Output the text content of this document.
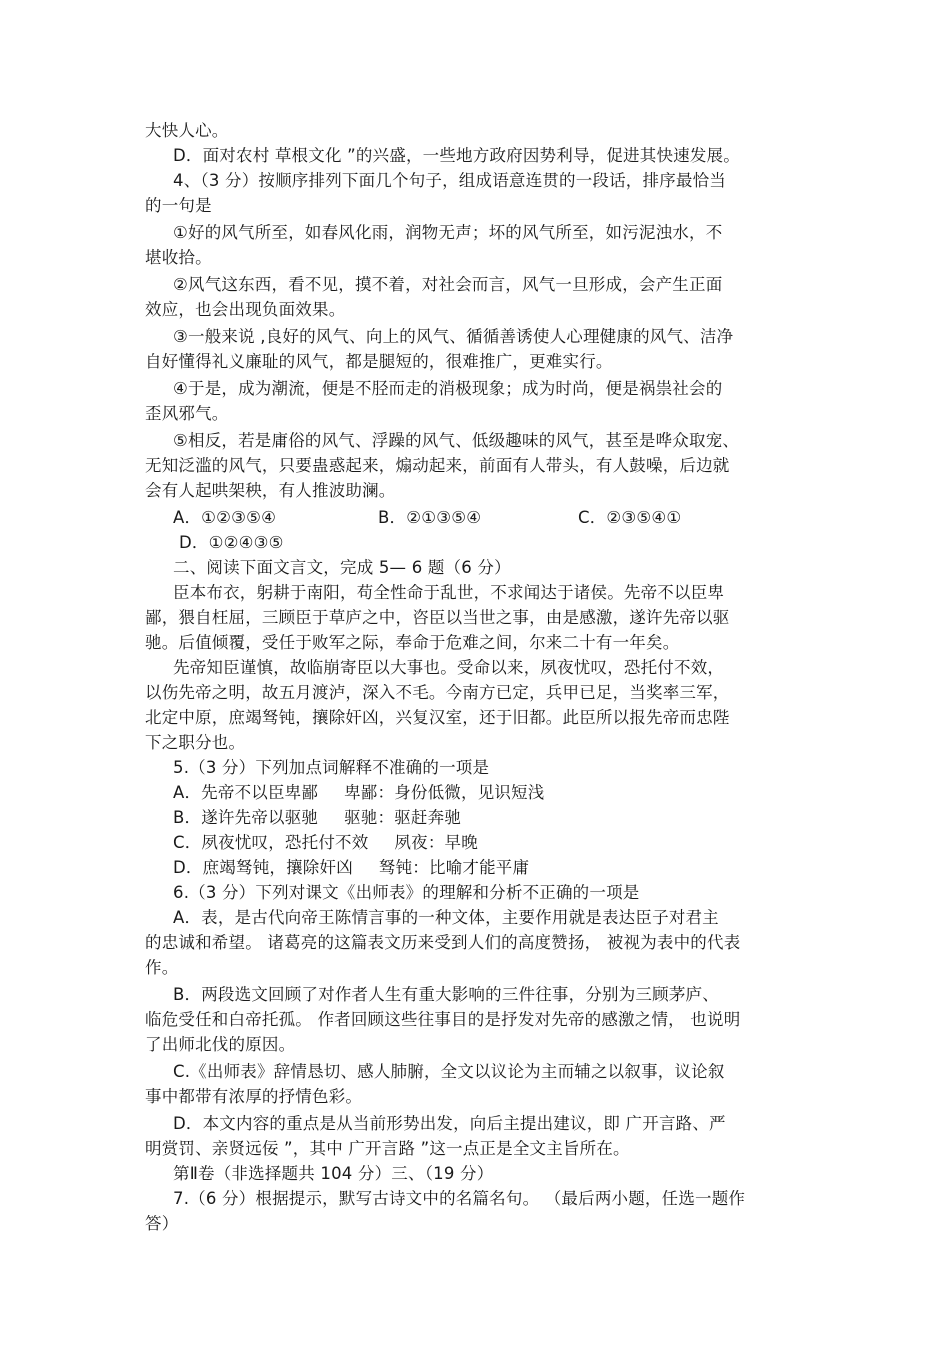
大快人心。
D．面对农村 草根文化 ”的兴盛，一些地方政府因势利导，促进其快速发展。
4、（3 分）按顺序排列下面几个句子，组成语意连贯的一段话，排序最恰当
的一句是
①好的风气所至，如春风化雨，润物无声；坏的风气所至，如污泥浊水，不
堪收拾。
②风气这东西，看不见，摸不着，对社会而言，风气一旦形成，会产生正面
效应，也会出现负面效果。
③一般来说 ,良好的风气、向上的风气、循循善诱使人心理健康的风气、洁净
自好懂得礼义廉耻的风气，都是腿短的，很难推广，更难实行。
④于是，成为潮流，便是不胫而走的消极现象；成为时尚，便是祸祟社会的
歪风邪气。
⑤相反，若是庸俗的风气、浮躁的风气、低级趣味的风气，甚至是哗众取宠、
无知泛滥的风气，只要蛊惑起来，煽动起来，前面有人带头，有人鼓噪，后边就
会有人起哄架秧，有人推波助澜。
A．①②③⑤④	B．②①③⑤④	C．②③⑤④①
D．①②④③⑤
二、阅读下面文言文，完成 5— 6 题（6 分）
臣本布衣，躬耕于南阳，苟全性命于乱世，不求闻达于诸侯。先帝不以臣卑
鄙，猥自枉屈，三顾臣于草庐之中，咨臣以当世之事，由是感激，遂许先帝以驱
驰。后值倾覆，受任于败军之际，奉命于危难之间，尔来二十有一年矣。
先帝知臣谨慎，故临崩寄臣以大事也。受命以来，夙夜忧叹，恐托付不效，
以伤先帝之明，故五月渡泸，深入不毛。今南方已定，兵甲已足，当奖率三军，
北定中原，庶竭驽钝，攘除奸凶，兴复汉室，还于旧都。此臣所以报先帝而忠陛
下之职分也。
5.（3 分）下列加点词解释不准确的一项是
A．先帝不以臣卑鄙 卑鄙：身份低微，见识短浅
B．遂许先帝以驱驰 驱驰：驱赶奔驰
C．夙夜忧叹，恐托付不效 夙夜：早晚
D．庶竭驽钝，攘除奸凶 驽钝：比喻才能平庸
6.（3 分）下列对课文《出师表》的理解和分析不正确的一项是
A．表，是古代向帝王陈情言事的一种文体，主要作用就是表达臣子对君主
的忠诚和希望。 诸葛亮的这篇表文历来受到人们的高度赞扬， 被视为表中的代表
作。
B．两段选文回顾了对作者人生有重大影响的三件往事，分别为三顾茅庐、
临危受任和白帝托孤。 作者回顾这些往事目的是抒发对先帝的感激之情， 也说明
了出师北伐的原因。
C.《出师表》辞情恳切、感人肺腑，全文以议论为主而辅之以叙事，议论叙
事中都带有浓厚的抒情色彩。
D．本文内容的重点是从当前形势出发，向后主提出建议，即 广开言路、严
明赏罚、亲贤远佞 ”，其中 广开言路 ”这一点正是全文主旨所在。
第Ⅱ卷（非选择题共 104 分）三、（19 分）
7.（6 分）根据提示，默写古诗文中的名篇名句。 （最后两小题，任选一题作
答）
